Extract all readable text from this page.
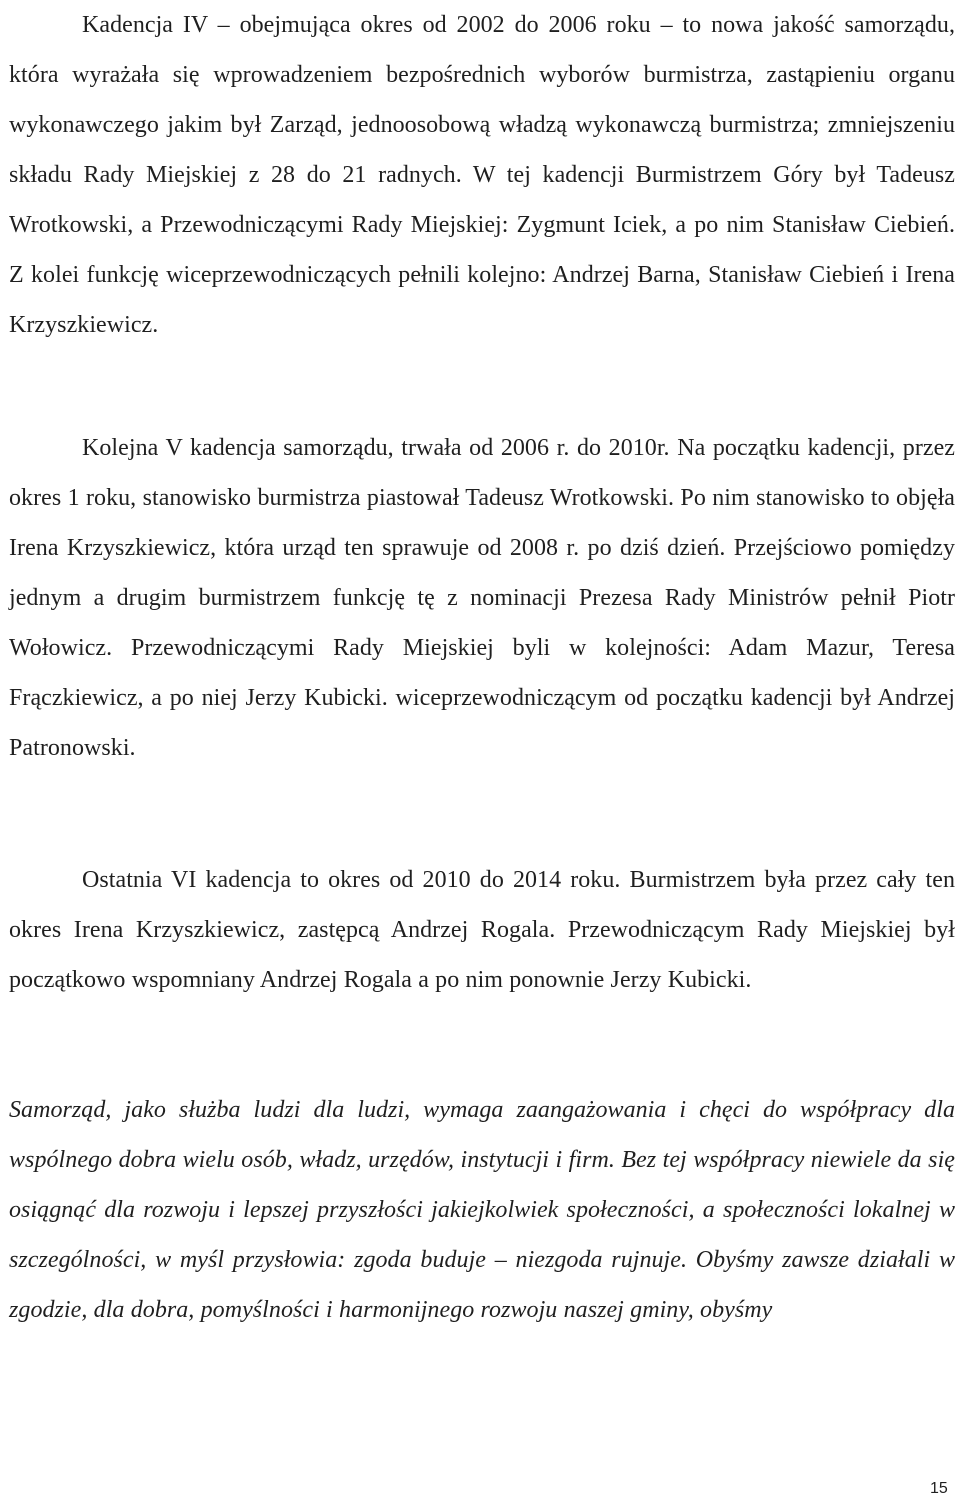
Kadencja IV – obejmująca okres od 2002 do 2006 roku – to nowa jakość samorządu, która wyrażała się wprowadzeniem bezpośrednich wyborów burmistrza, zastąpieniu organu wykonawczego jakim był Zarząd, jednoosobową władzą wykonawczą burmistrza; zmniejszeniu składu Rady Miejskiej z 28 do 21 radnych. W tej kadencji Burmistrzem Góry był Tadeusz Wrotkowski, a Przewodniczącymi Rady Miejskiej: Zygmunt Iciek, a po nim Stanisław Ciebień. Z kolei funkcję wiceprzewodniczących pełnili kolejno: Andrzej Barna, Stanisław Ciebień i Irena Krzyszkiewicz.

Kolejna V kadencja samorządu, trwała od 2006 r. do 2010r. Na początku kadencji, przez okres 1 roku, stanowisko burmistrza piastował Tadeusz Wrotkowski. Po nim stanowisko to objęła Irena Krzyszkiewicz, która urząd ten sprawuje od 2008 r. po dziś dzień. Przejściowo pomiędzy jednym a drugim burmistrzem funkcję tę z nominacji Prezesa Rady Ministrów pełnił Piotr Wołowicz. Przewodniczącymi Rady Miejskiej byli w kolejności: Adam Mazur, Teresa Frączkiewicz, a po niej Jerzy Kubicki. wiceprzewodniczącym od początku kadencji był Andrzej Patronowski.

Ostatnia VI kadencja to okres od 2010 do 2014 roku. Burmistrzem była przez cały ten okres Irena Krzyszkiewicz, zastępcą Andrzej Rogala. Przewodniczącym Rady Miejskiej był początkowo wspomniany Andrzej Rogala a po nim ponownie Jerzy Kubicki.

Samorząd, jako służba ludzi dla ludzi, wymaga zaangażowania i chęci do współpracy dla wspólnego dobra wielu osób, władz, urzędów, instytucji i firm. Bez tej współpracy niewiele da się osiągnąć dla rozwoju i lepszej przyszłości jakiejkolwiek społeczności, a społeczności lokalnej w szczególności, w myśl przysłowia: zgoda buduje – niezgoda rujnuje. Obyśmy zawsze działali w zgodzie, dla dobra, pomyślności i harmonijnego rozwoju naszej gminy, obyśmy

15
